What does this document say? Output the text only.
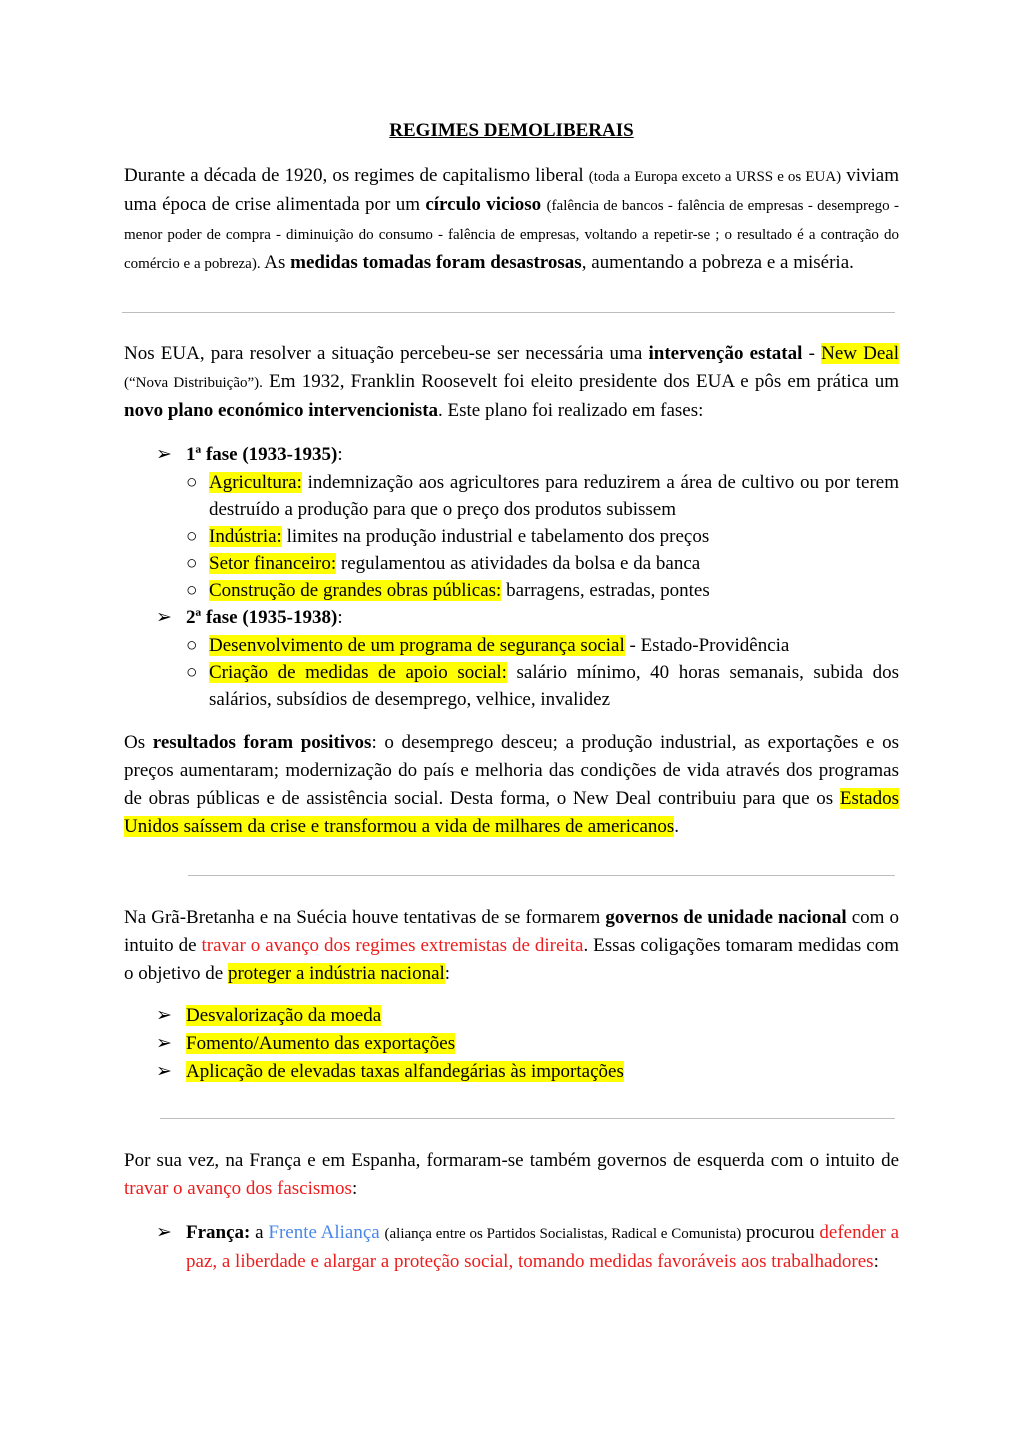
REGIMES DEMOLIBERAIS

Durante a década de 1920, os regimes de capitalismo liberal (toda a Europa exceto a URSS e os EUA) viviam uma época de crise alimentada por um círculo vicioso (falência de bancos - falência de empresas - desemprego - menor poder de compra - diminuição do consumo - falência de empresas, voltando a repetir-se ; o resultado é a contração do comércio e a pobreza). As medidas tomadas foram desastrosas, aumentando a pobreza e a miséria.

Nos EUA, para resolver a situação percebeu-se ser necessária uma intervenção estatal - New Deal (“Nova Distribuição”). Em 1932, Franklin Roosevelt foi eleito presidente dos EUA e pôs em prática um novo plano económico intervencionista. Este plano foi realizado em fases:

➢ 1ª fase (1933-1935):
○ Agricultura: indemnização aos agricultores para reduzirem a área de cultivo ou por terem destruído a produção para que o preço dos produtos subissem
○ Indústria: limites na produção industrial e tabelamento dos preços
○ Setor financeiro: regulamentou as atividades da bolsa e da banca
○ Construção de grandes obras públicas: barragens, estradas, pontes
➢ 2ª fase (1935-1938):
○ Desenvolvimento de um programa de segurança social - Estado-Providência
○ Criação de medidas de apoio social: salário mínimo, 40 horas semanais, subida dos salários, subsídios de desemprego, velhice, invalidez

Os resultados foram positivos: o desemprego desceu; a produção industrial, as exportações e os preços aumentaram; modernização do país e melhoria das condições de vida através dos programas de obras públicas e de assistência social. Desta forma, o New Deal contribuiu para que os Estados Unidos saíssem da crise e transformou a vida de milhares de americanos.

Na Grã-Bretanha e na Suécia houve tentativas de se formarem governos de unidade nacional com o intuito de travar o avanço dos regimes extremistas de direita. Essas coligações tomaram medidas com o objetivo de proteger a indústria nacional:

➢ Desvalorização da moeda
➢ Fomento/Aumento das exportações
➢ Aplicação de elevadas taxas alfandegárias às importações

Por sua vez, na França e em Espanha, formaram-se também governos de esquerda com o intuito de travar o avanço dos fascismos:

➢ França: a Frente Aliança (aliança entre os Partidos Socialistas, Radical e Comunista) procurou defender a paz, a liberdade e alargar a proteção social, tomando medidas favoráveis aos trabalhadores:
